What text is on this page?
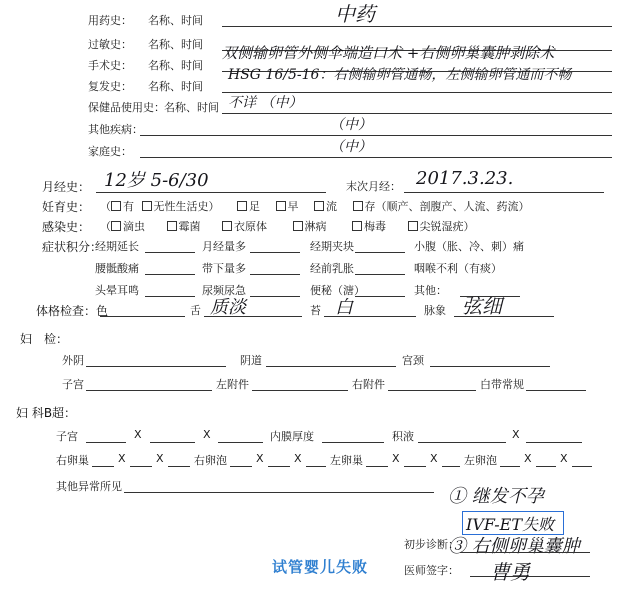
用药史： 名称、时间	中药
过敏史： 名称、时间
手术史： 名称、时间
双侧输卵管外侧伞端造口术 +右侧卵巢囊肿剥除术
复发史： 名称、时间
HSG 16/5-16：右侧输卵管通畅，左侧输卵管通而不畅
保健品使用史： 名称、时间 不详 （中）
其他疾病：	（中）
家庭史：	（中）
月经史： 12岁 5-6/30	末次月经： 2017.3.23.
妊育史： （ 有 无性生活史）	足	早	流	存（顺产、剖腹产、人流、药流）
感染史： （ 滴虫	霉菌	衣原体	淋病	梅毒	尖锐湿疣）
症状积分：
经期延长	月经量多	经期夹块	小腹（胀、冷、刺）痛
腰骶酸痛	带下量多	经前乳胀	咽喉不利（有痰）
头晕耳鸣	尿频尿急	便秘（溏）	其他：
体格检查：色	舌 质淡	苔 白	脉象 弦细
妇　检：
外阴	阴道	宫颈
子宫	左附件	右附件	白带常规
妇 科B超：
子宫	X	X	内膜厚度	积液	X
右卵巢	X	X	右卵泡	X	X	左卵巢	X	X 左卵泡 X	X
其他异常所见	① 继发不孕
IVF-ET失败
初步诊断：
③ 右侧卵巢囊肿
试管婴儿失败	医师签字： 曹勇
